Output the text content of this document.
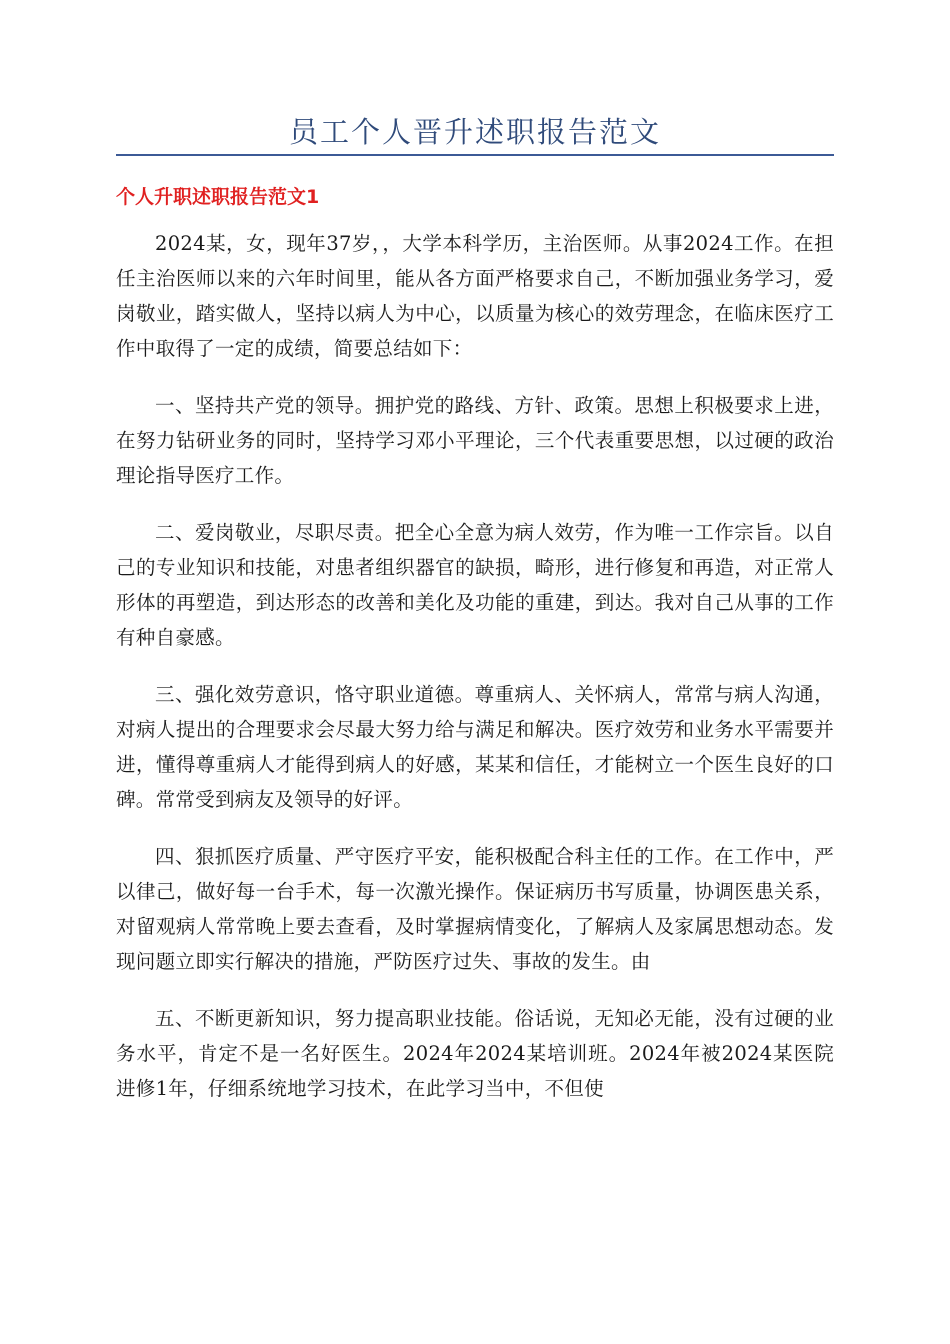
员工个人晋升述职报告范文
个人升职述职报告范文1

2024某，女，现年37岁，，大学本科学历，主治医师。从事2024工作。在担任主治医师以来的六年时间里，能从各方面严格要求自己，不断加强业务学习，爱岗敬业，踏实做人，坚持以病人为中心，以质量为核心的效劳理念，在临床医疗工作中取得了一定的成绩，简要总结如下：

一、坚持共产党的领导。拥护党的路线、方针、政策。思想上积极要求上进，在努力钻研业务的同时，坚持学习邓小平理论，三个代表重要思想，以过硬的政治理论指导医疗工作。

二、爱岗敬业，尽职尽责。把全心全意为病人效劳，作为唯一工作宗旨。以自己的专业知识和技能，对患者组织器官的缺损，畸形，进行修复和再造，对正常人形体的再塑造，到达形态的改善和美化及功能的重建，到达。我对自己从事的工作有种自豪感。

三、强化效劳意识，恪守职业道德。尊重病人、关怀病人，常常与病人沟通，对病人提出的合理要求会尽最大努力给与满足和解决。医疗效劳和业务水平需要并进，懂得尊重病人才能得到病人的好感，某某和信任，才能树立一个医生良好的口碑。常常受到病友及领导的好评。

四、狠抓医疗质量、严守医疗平安，能积极配合科主任的工作。在工作中，严以律己，做好每一台手术，每一次激光操作。保证病历书写质量，协调医患关系，对留观病人常常晚上要去查看，及时掌握病情变化，了解病人及家属思想动态。发现问题立即实行解决的措施，严防医疗过失、事故的发生。由

五、不断更新知识，努力提高职业技能。俗话说，无知必无能，没有过硬的业务水平，肯定不是一名好医生。2024年2024某培训班。2024年被2024某医院进修1年，仔细系统地学习技术，在此学习当中，不但使
